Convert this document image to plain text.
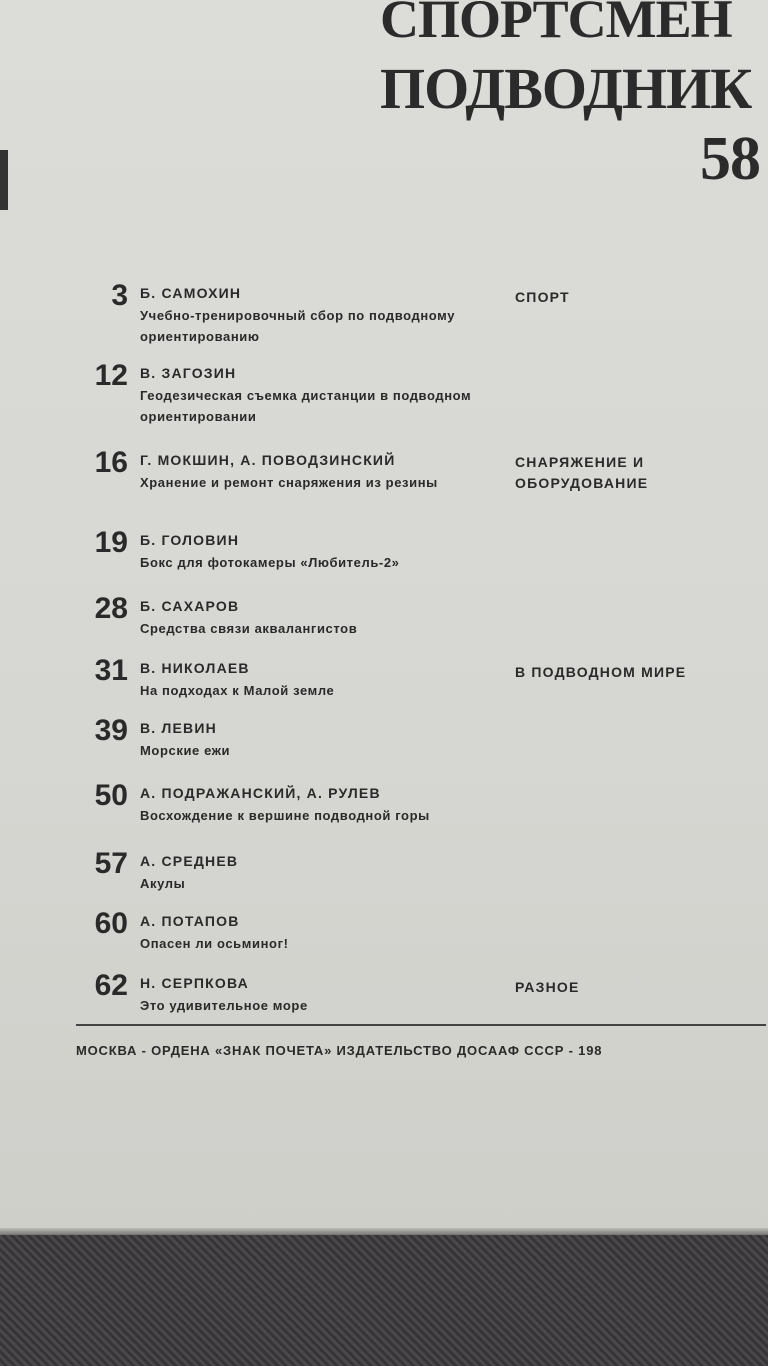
СПОРТСМЕН
ПОДВОДНИК
58
3 Б. САМОХИН
Учебно-тренировочный сбор по подводному ориентированию
СПОРТ
12 В. ЗАГОЗИН
Геодезическая съемка дистанции в подводном ориентировании
16 Г. МОКШИН, А. ПОВОДЗИНСКИЙ
Хранение и ремонт снаряжения из резины
СНАРЯЖЕНИЕ И ОБОРУДОВАНИЕ
19 Б. ГОЛОВИН
Бокс для фотокамеры «Любитель-2»
28 Б. САХАРОВ
Средства связи аквалангистов
31 В. НИКОЛАЕВ
На подходах к Малой земле
В ПОДВОДНОМ МИРЕ
39 В. ЛЕВИН
Морские ежи
50 А. ПОДРАЖАНСКИЙ, А. РУЛЕВ
Восхождение к вершине подводной горы
57 А. СРЕДНЕВ
Акулы
60 А. ПОТАПОВ
Опасен ли осьминог!
62 Н. СЕРПКОВА
Это удивительное море
РАЗНОЕ
МОСКВА - ОРДЕНА «ЗНАК ПОЧЕТА» ИЗДАТЕЛЬСТВО ДОСААФ СССР - 198
